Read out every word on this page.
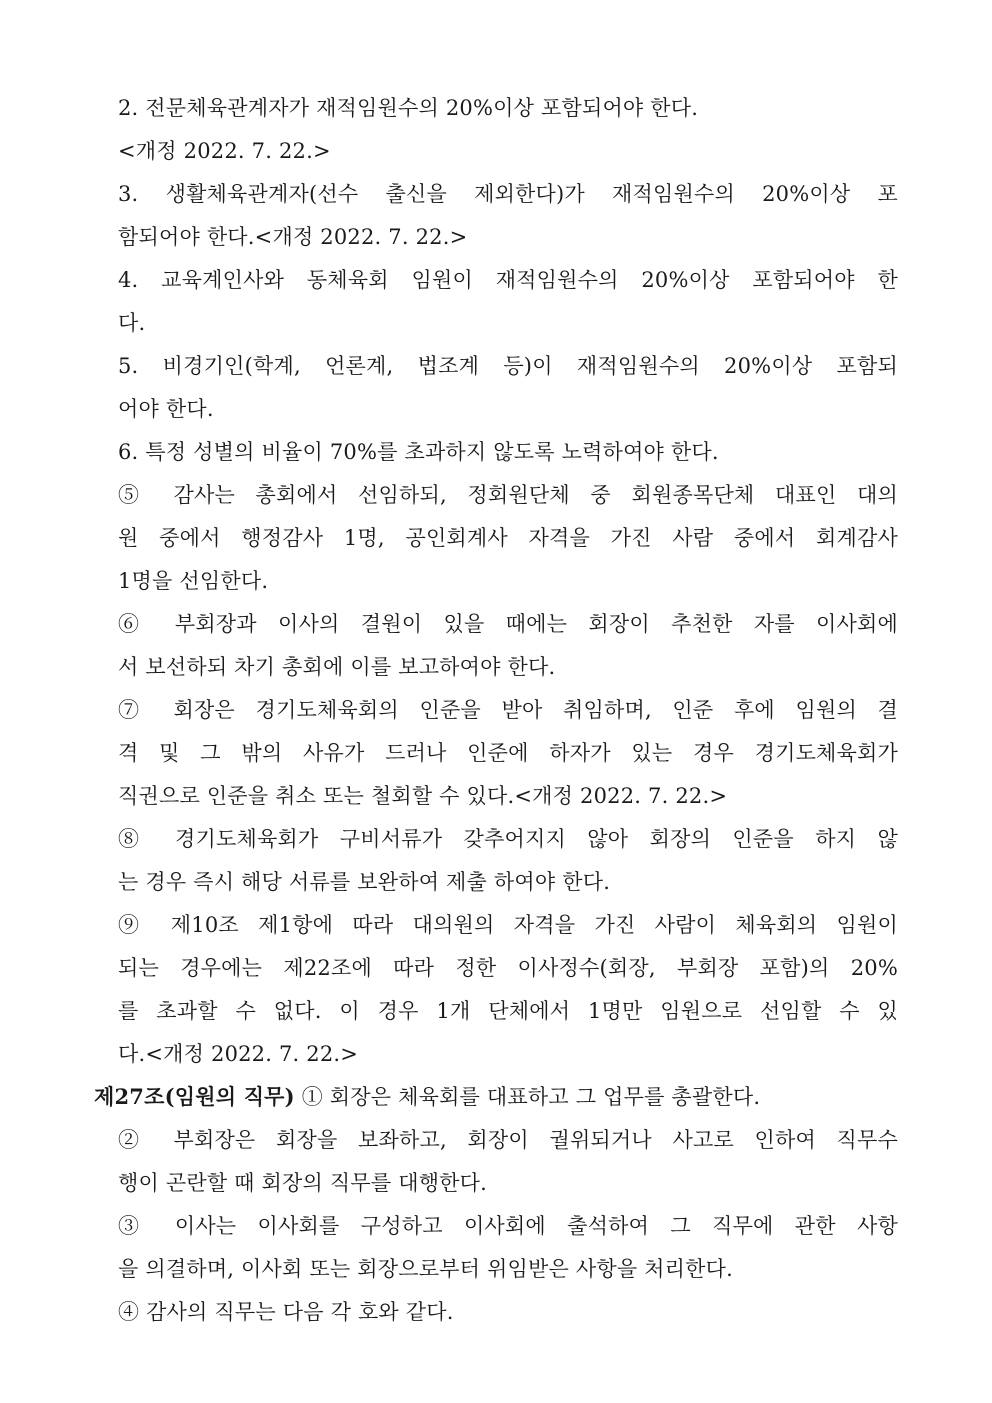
2. 전문체육관계자가 재적임원수의 20%이상 포함되어야 한다.
<개정 2022. 7. 22.>
3. 생활체육관계자(선수 출신을 제외한다)가 재적임원수의 20%이상 포
함되어야 한다.<개정 2022. 7. 22.>
4. 교육계인사와 동체육회 임원이 재적임원수의 20%이상 포함되어야 한
다.
5. 비경기인(학계, 언론계, 법조계 등)이 재적임원수의 20%이상 포함되
어야 한다.
6. 특정 성별의 비율이 70%를 초과하지 않도록 노력하여야 한다.
⑤ 감사는 총회에서 선임하되, 정회원단체 중 회원종목단체 대표인 대의
원 중에서 행정감사 1명, 공인회계사 자격을 가진 사람 중에서 회계감사
1명을 선임한다.
⑥ 부회장과 이사의 결원이 있을 때에는 회장이 추천한 자를 이사회에
서 보선하되 차기 총회에 이를 보고하여야 한다.
⑦ 회장은 경기도체육회의 인준을 받아 취임하며, 인준 후에 임원의 결
격 및 그 밖의 사유가 드러나 인준에 하자가 있는 경우 경기도체육회가
직권으로 인준을 취소 또는 철회할 수 있다.<개정 2022. 7. 22.>
⑧ 경기도체육회가 구비서류가 갖추어지지 않아 회장의 인준을 하지 않
는 경우 즉시 해당 서류를 보완하여 제출 하여야 한다.
⑨ 제10조 제1항에 따라 대의원의 자격을 가진 사람이 체육회의 임원이
되는 경우에는 제22조에 따라 정한 이사정수(회장, 부회장 포함)의 20%
를 초과할 수 없다. 이 경우 1개 단체에서 1명만 임원으로 선임할 수 있
다.<개정 2022. 7. 22.>
제27조(임원의 직무) ① 회장은 체육회를 대표하고 그 업무를 총괄한다.
② 부회장은 회장을 보좌하고, 회장이 궐위되거나 사고로 인하여 직무수
행이 곤란할 때 회장의 직무를 대행한다.
③ 이사는 이사회를 구성하고 이사회에 출석하여 그 직무에 관한 사항
을 의결하며, 이사회 또는 회장으로부터 위임받은 사항을 처리한다.
④ 감사의 직무는 다음 각 호와 같다.
